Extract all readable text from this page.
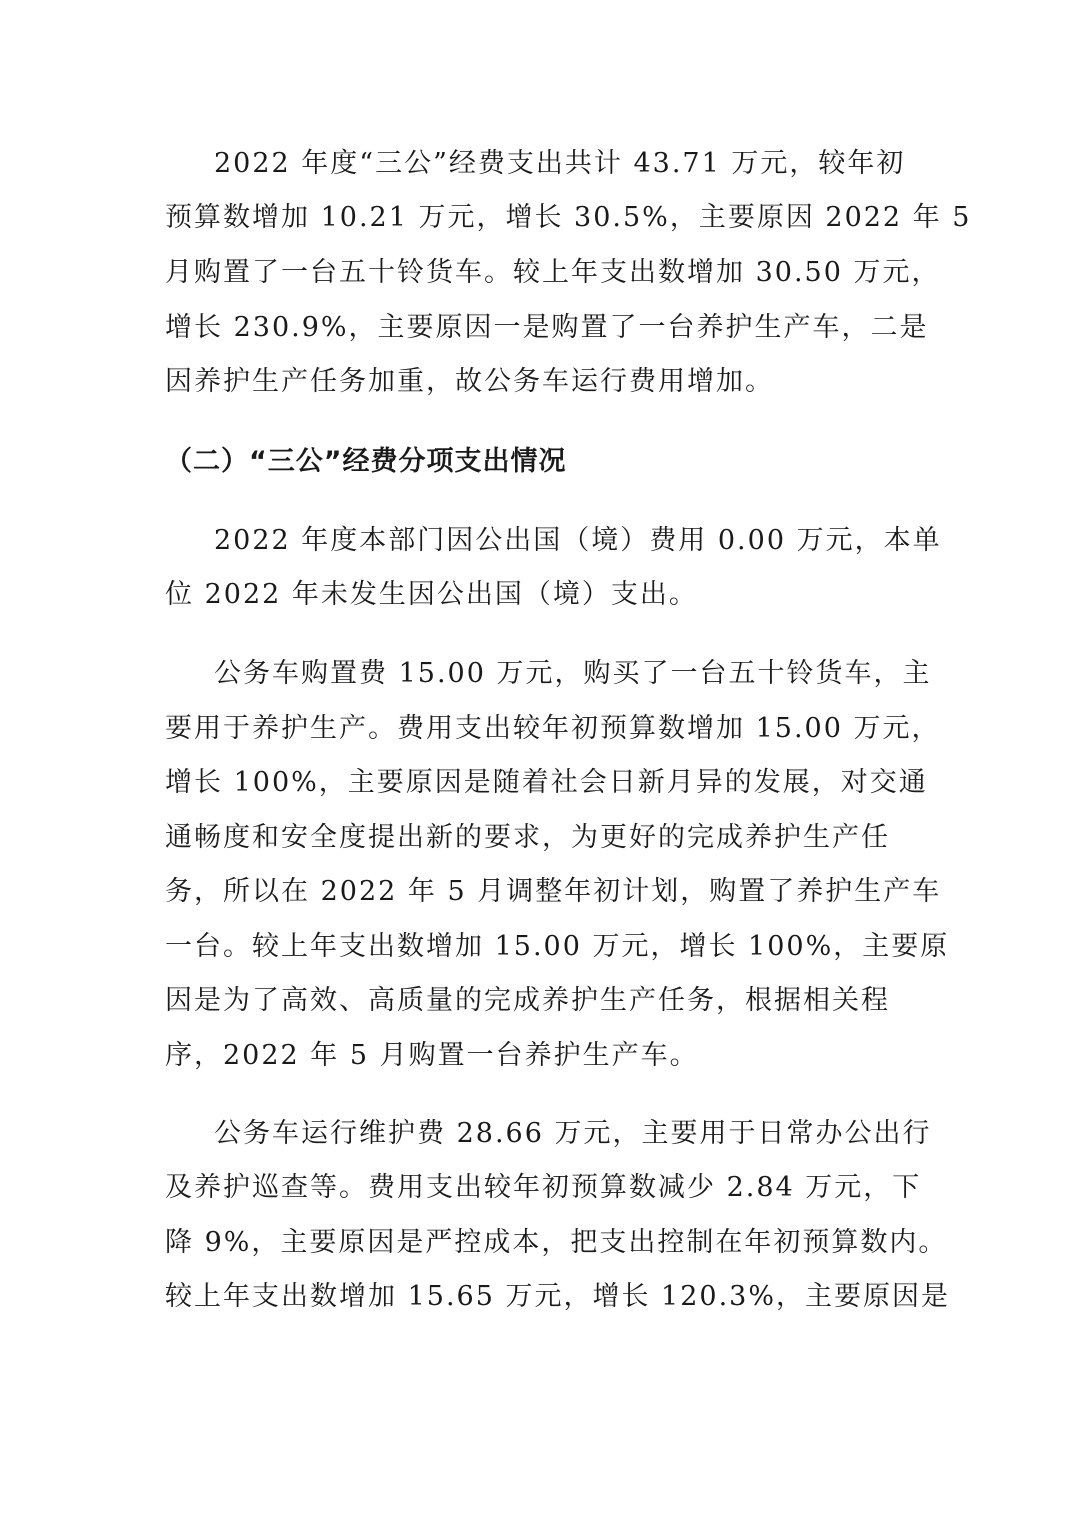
2022 年度“三公”经费支出共计 43.71 万元，较年初
预算数增加 10.21 万元，增长 30.5%，主要原因 2022 年 5
月购置了一台五十铃货车。较上年支出数增加 30.50 万元，
增长 230.9%，主要原因一是购置了一台养护生产车，二是
因养护生产任务加重，故公务车运行费用增加。
（二）“三公”经费分项支出情况
2022 年度本部门因公出国（境）费用 0.00 万元，本单
位 2022 年未发生因公出国（境）支出。
公务车购置费 15.00 万元，购买了一台五十铃货车，主
要用于养护生产。费用支出较年初预算数增加 15.00 万元，
增长 100%，主要原因是随着社会日新月异的发展，对交通
通畅度和安全度提出新的要求，为更好的完成养护生产任
务，所以在 2022 年 5 月调整年初计划，购置了养护生产车
一台。较上年支出数增加 15.00 万元，增长 100%，主要原
因是为了高效、高质量的完成养护生产任务，根据相关程
序，2022 年 5 月购置一台养护生产车。
公务车运行维护费 28.66 万元，主要用于日常办公出行
及养护巡查等。费用支出较年初预算数减少 2.84 万元，下
降 9%，主要原因是严控成本，把支出控制在年初预算数内。
较上年支出数增加 15.65 万元，增长 120.3%，主要原因是
